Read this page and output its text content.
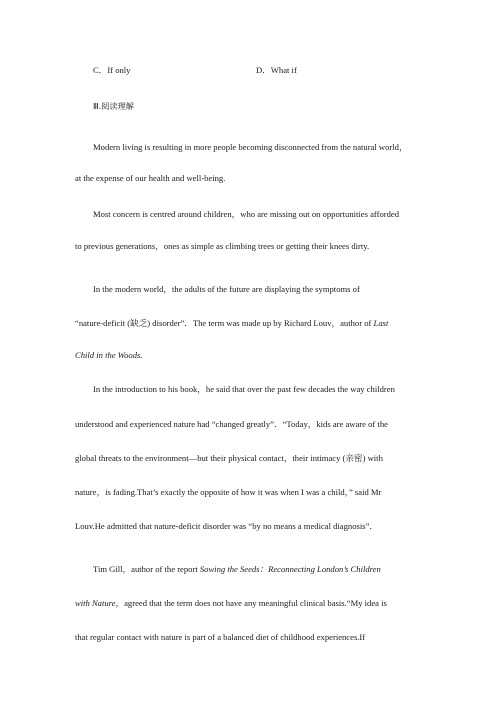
C．If only	D．What if
Ⅲ.阅读理解
Modern living is resulting in more people becoming disconnected from the natural world，
at the expense of our health and well-being.
Most concern is centred around children，who are missing out on opportunities afforded
to previous generations，ones as simple as climbing trees or getting their knees dirty.
In the modern world，the adults of the future are displaying the symptoms of
“nature-deficit (缺乏) disorder”．The term was made up by Richard Louv，author of Last
Child in the Woods.
In the introduction to his book，he said that over the past few decades the way children
understood and experienced nature had “changed greatly”．“Today，kids are aware of the
global threats to the environment—but their physical contact，their intimacy (亲密) with
nature，is fading.That’s exactly the opposite of how it was when I was a child，” said Mr
Louv.He admitted that nature-deficit disorder was “by no means a medical diagnosis”．
Tim Gill，author of the report Sowing the Seeds：Reconnecting London’s Children
with Nature，agreed that the term does not have any meaningful clinical basis.“My idea is
that regular contact with nature is part of a balanced diet of childhood experiences.If
